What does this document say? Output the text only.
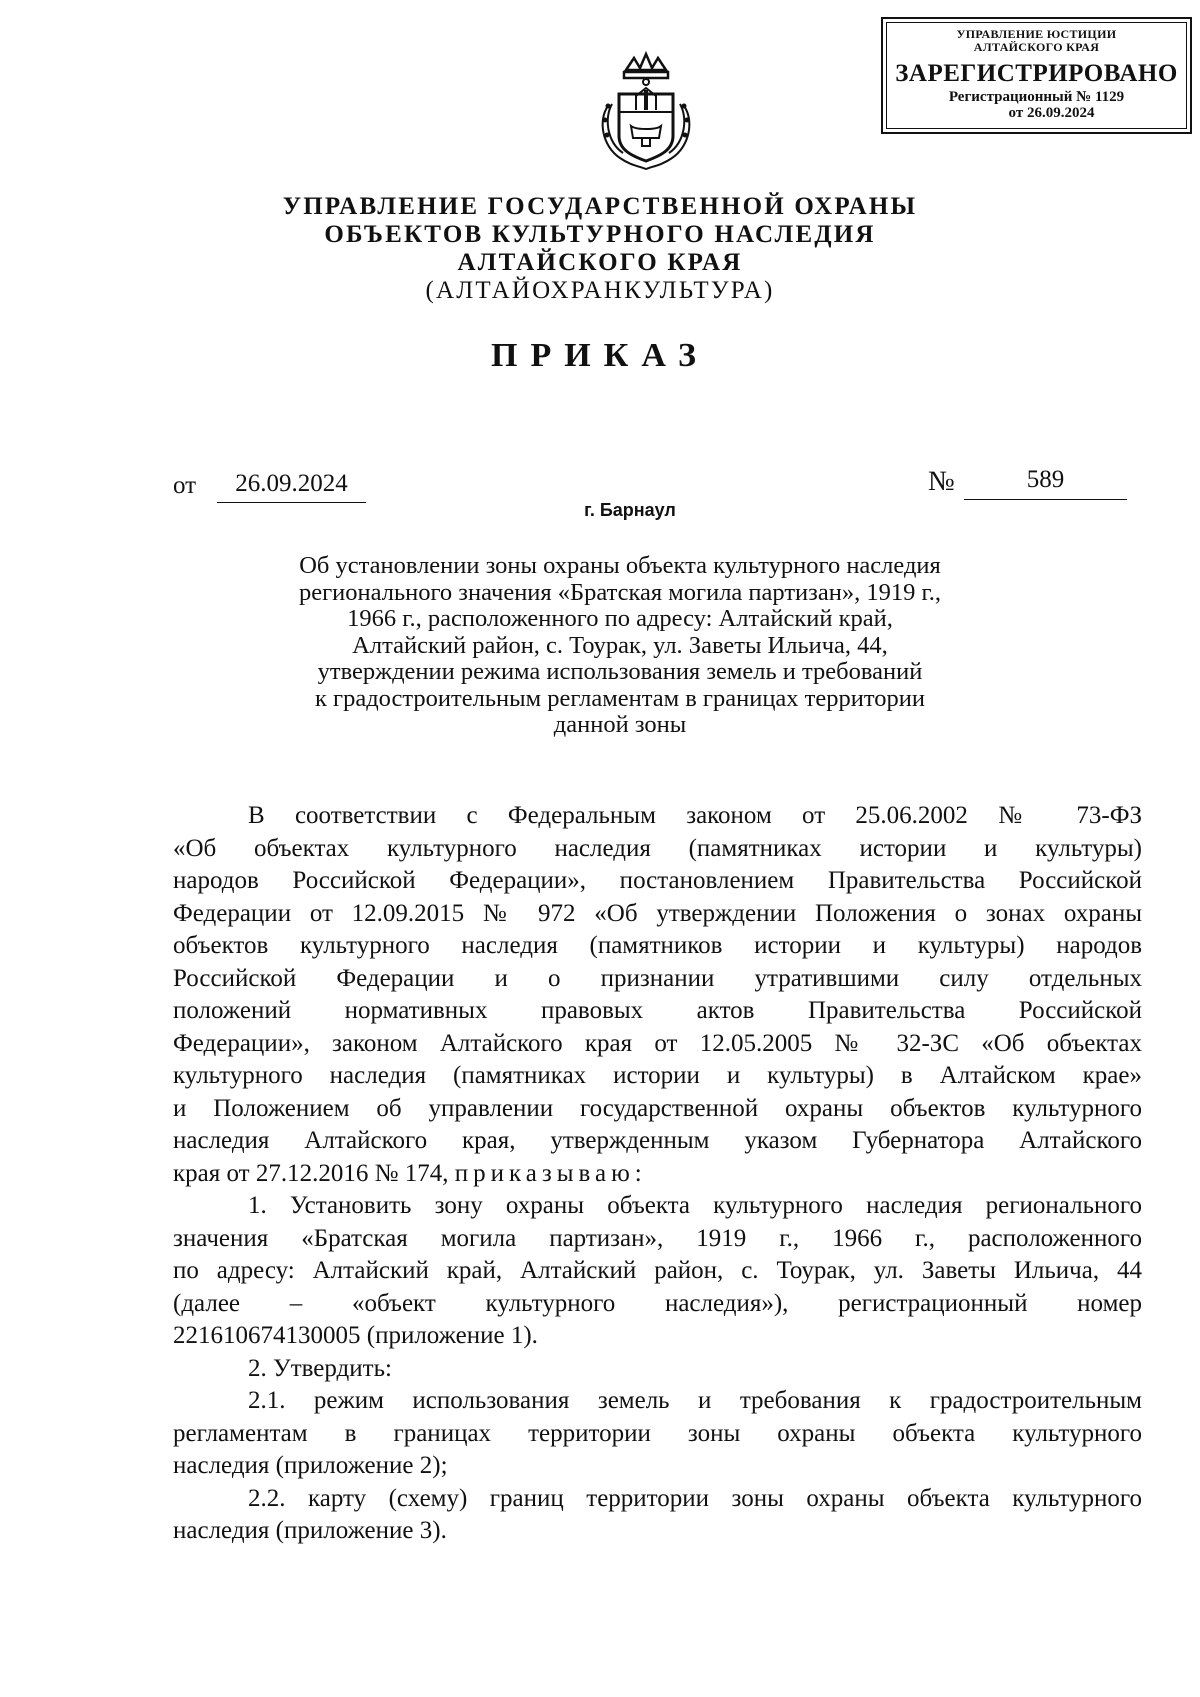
УПРАВЛЕНИЕ ЮСТИЦИИ
АЛТАЙСКОГО КРАЯ
ЗАРЕГИСТРИРОВАНО
Регистрационный № 1129
от 26.09.2024
УПРАВЛЕНИЕ ГОСУДАРСТВЕННОЙ ОХРАНЫ
ОБЪЕКТОВ КУЛЬТУРНОГО НАСЛЕДИЯ
АЛТАЙСКОГО КРАЯ
(АЛТАЙОХРАНКУЛЬТУРА)
ПРИКАЗ
от	26.09.2024	№	589
г. Барнаул
Об установлении зоны охраны объекта культурного наследия
регионального значения «Братская могила партизан», 1919 г.,
1966 г., расположенного по адресу: Алтайский край,
Алтайский район, с. Тоурак, ул. Заветы Ильича, 44,
утверждении режима использования земель и требований
к градостроительным регламентам в границах территории
данной зоны
В соответствии с Федеральным законом от 25.06.2002 № 73-ФЗ
«Об объектах культурного наследия (памятниках истории и культуры)
народов Российской Федерации», постановлением Правительства Российской
Федерации от 12.09.2015 № 972 «Об утверждении Положения о зонах охраны
объектов культурного наследия (памятников истории и культуры) народов
Российской Федерации и о признании утратившими силу отдельных
положений нормативных правовых актов Правительства Российской
Федерации», законом Алтайского края от 12.05.2005 № 32-ЗС «Об объектах
культурного наследия (памятниках истории и культуры) в Алтайском крае»
и Положением об управлении государственной охраны объектов культурного
наследия Алтайского края, утвержденным указом Губернатора Алтайского
края от 27.12.2016 № 174, приказываю:
1. Установить зону охраны объекта культурного наследия регионального
значения «Братская могила партизан», 1919 г., 1966 г., расположенного
по адресу: Алтайский край, Алтайский район, с. Тоурак, ул. Заветы Ильича, 44
(далее – «объект культурного наследия»), регистрационный номер
221610674130005 (приложение 1).
2. Утвердить:
2.1. режим использования земель и требования к градостроительным
регламентам в границах территории зоны охраны объекта культурного
наследия (приложение 2);
2.2. карту (схему) границ территории зоны охраны объекта культурного
наследия (приложение 3).
